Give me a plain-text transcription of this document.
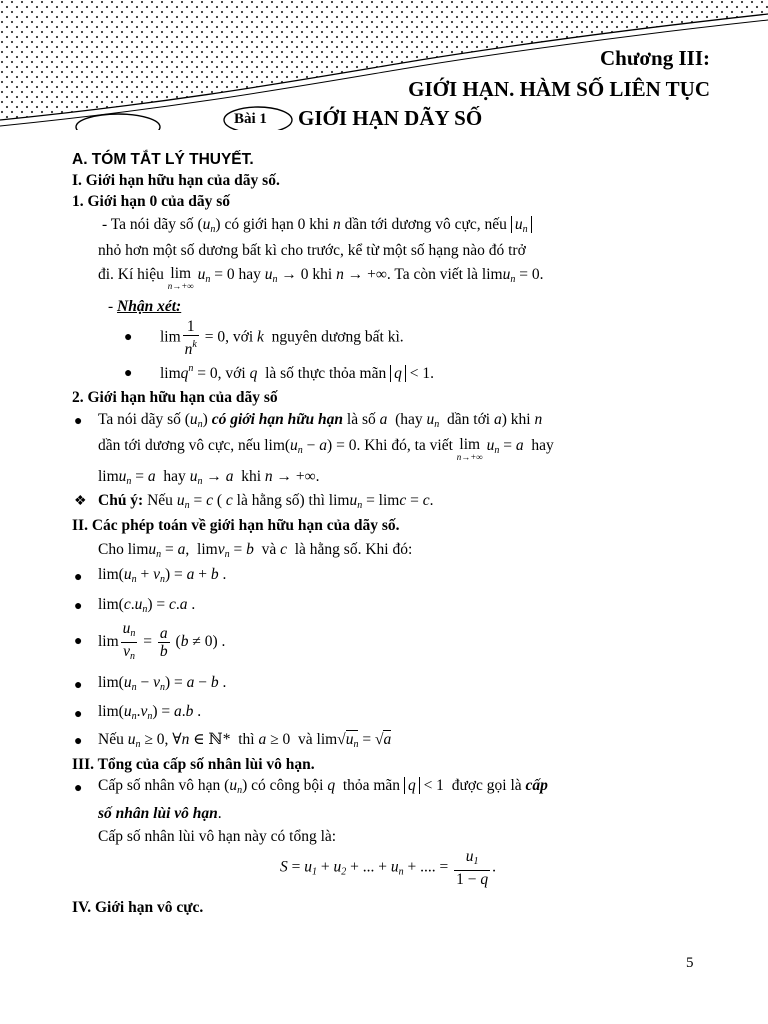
Chương III:
GIỚI HẠN. HÀM SỐ LIÊN TỤC
Bài 1 GIỚI HẠN DÃY SỐ
A. TÓM TẮT LÝ THUYẾT.
I. Giới hạn hữu hạn của dãy số.
1. Giới hạn 0 của dãy số
- Ta nói dãy số $(u_n)$ có giới hạn 0 khi n dần tới dương vô cực, nếu $u_n$
nhỏ hơn một số dương bất kì cho trước, kể từ một số hạng nào đó trở
đi. Kí hiệu lim
n→+∞
$u_n = 0$ hay $u_n \to 0$ khi n → +∞. Ta còn viết là limu$_n$ = 0.
- Nhận xét:
● $\lim \frac{1}{n^k} = 0$, với k nguyên dương bất kì.
● limq$^n$ = 0, với q là số thực thỏa mãn q < 1.
2. Giới hạn hữu hạn của dãy số
● Ta nói dãy số $(u_n)$ có giới hạn hữu hạn là số a (hay $u_n$ dần tới a) khi n
dần tới dương vô cực, nếu $\lim(u_n - a) = 0$. Khi đó, ta viết lim
n→+∞
$u_n = a$ hay
limu$_n$ = a hay $u_n \to a$ khi n → +∞.
❖ Chú ý: Nếu $u_n = c$ ( c là hằng số) thì limu$_n$ = limc = c.
II. Các phép toán về giới hạn hữu hạn của dãy số.
Cho limu$_n$ = a,  limv$_n$ = b và c là hằng số. Khi đó:
● $\lim(u_n + v_n) = a + b$ .
● $\lim(c.u_n) = c.a$ .
● $\lim \frac{u_n}{v_n} = \frac{a}{b} (b \ne 0)$ .
● $\lim(u_n - v_n) = a - b$ .
● $\lim(u_n.v_n) = a.b$ .
● Nếu $u_n \ge 0$, ∀n ∈ ℕ*  thì a ≥ 0  và $\lim√u_n = √a$
III. Tổng của cấp số nhân lùi vô hạn.
● Cấp số nhân vô hạn $(u_n)$ có công bội q thỏa mãn q < 1  được gọi là cấp
số nhân lùi vô hạn.
Cấp số nhân lùi vô hạn này có tổng là:
$S = u_1 + u_2$ + ... + $u_n$ + .... = $\frac{u_1}{1 - q}$ .
IV. Giới hạn vô cực.
5
